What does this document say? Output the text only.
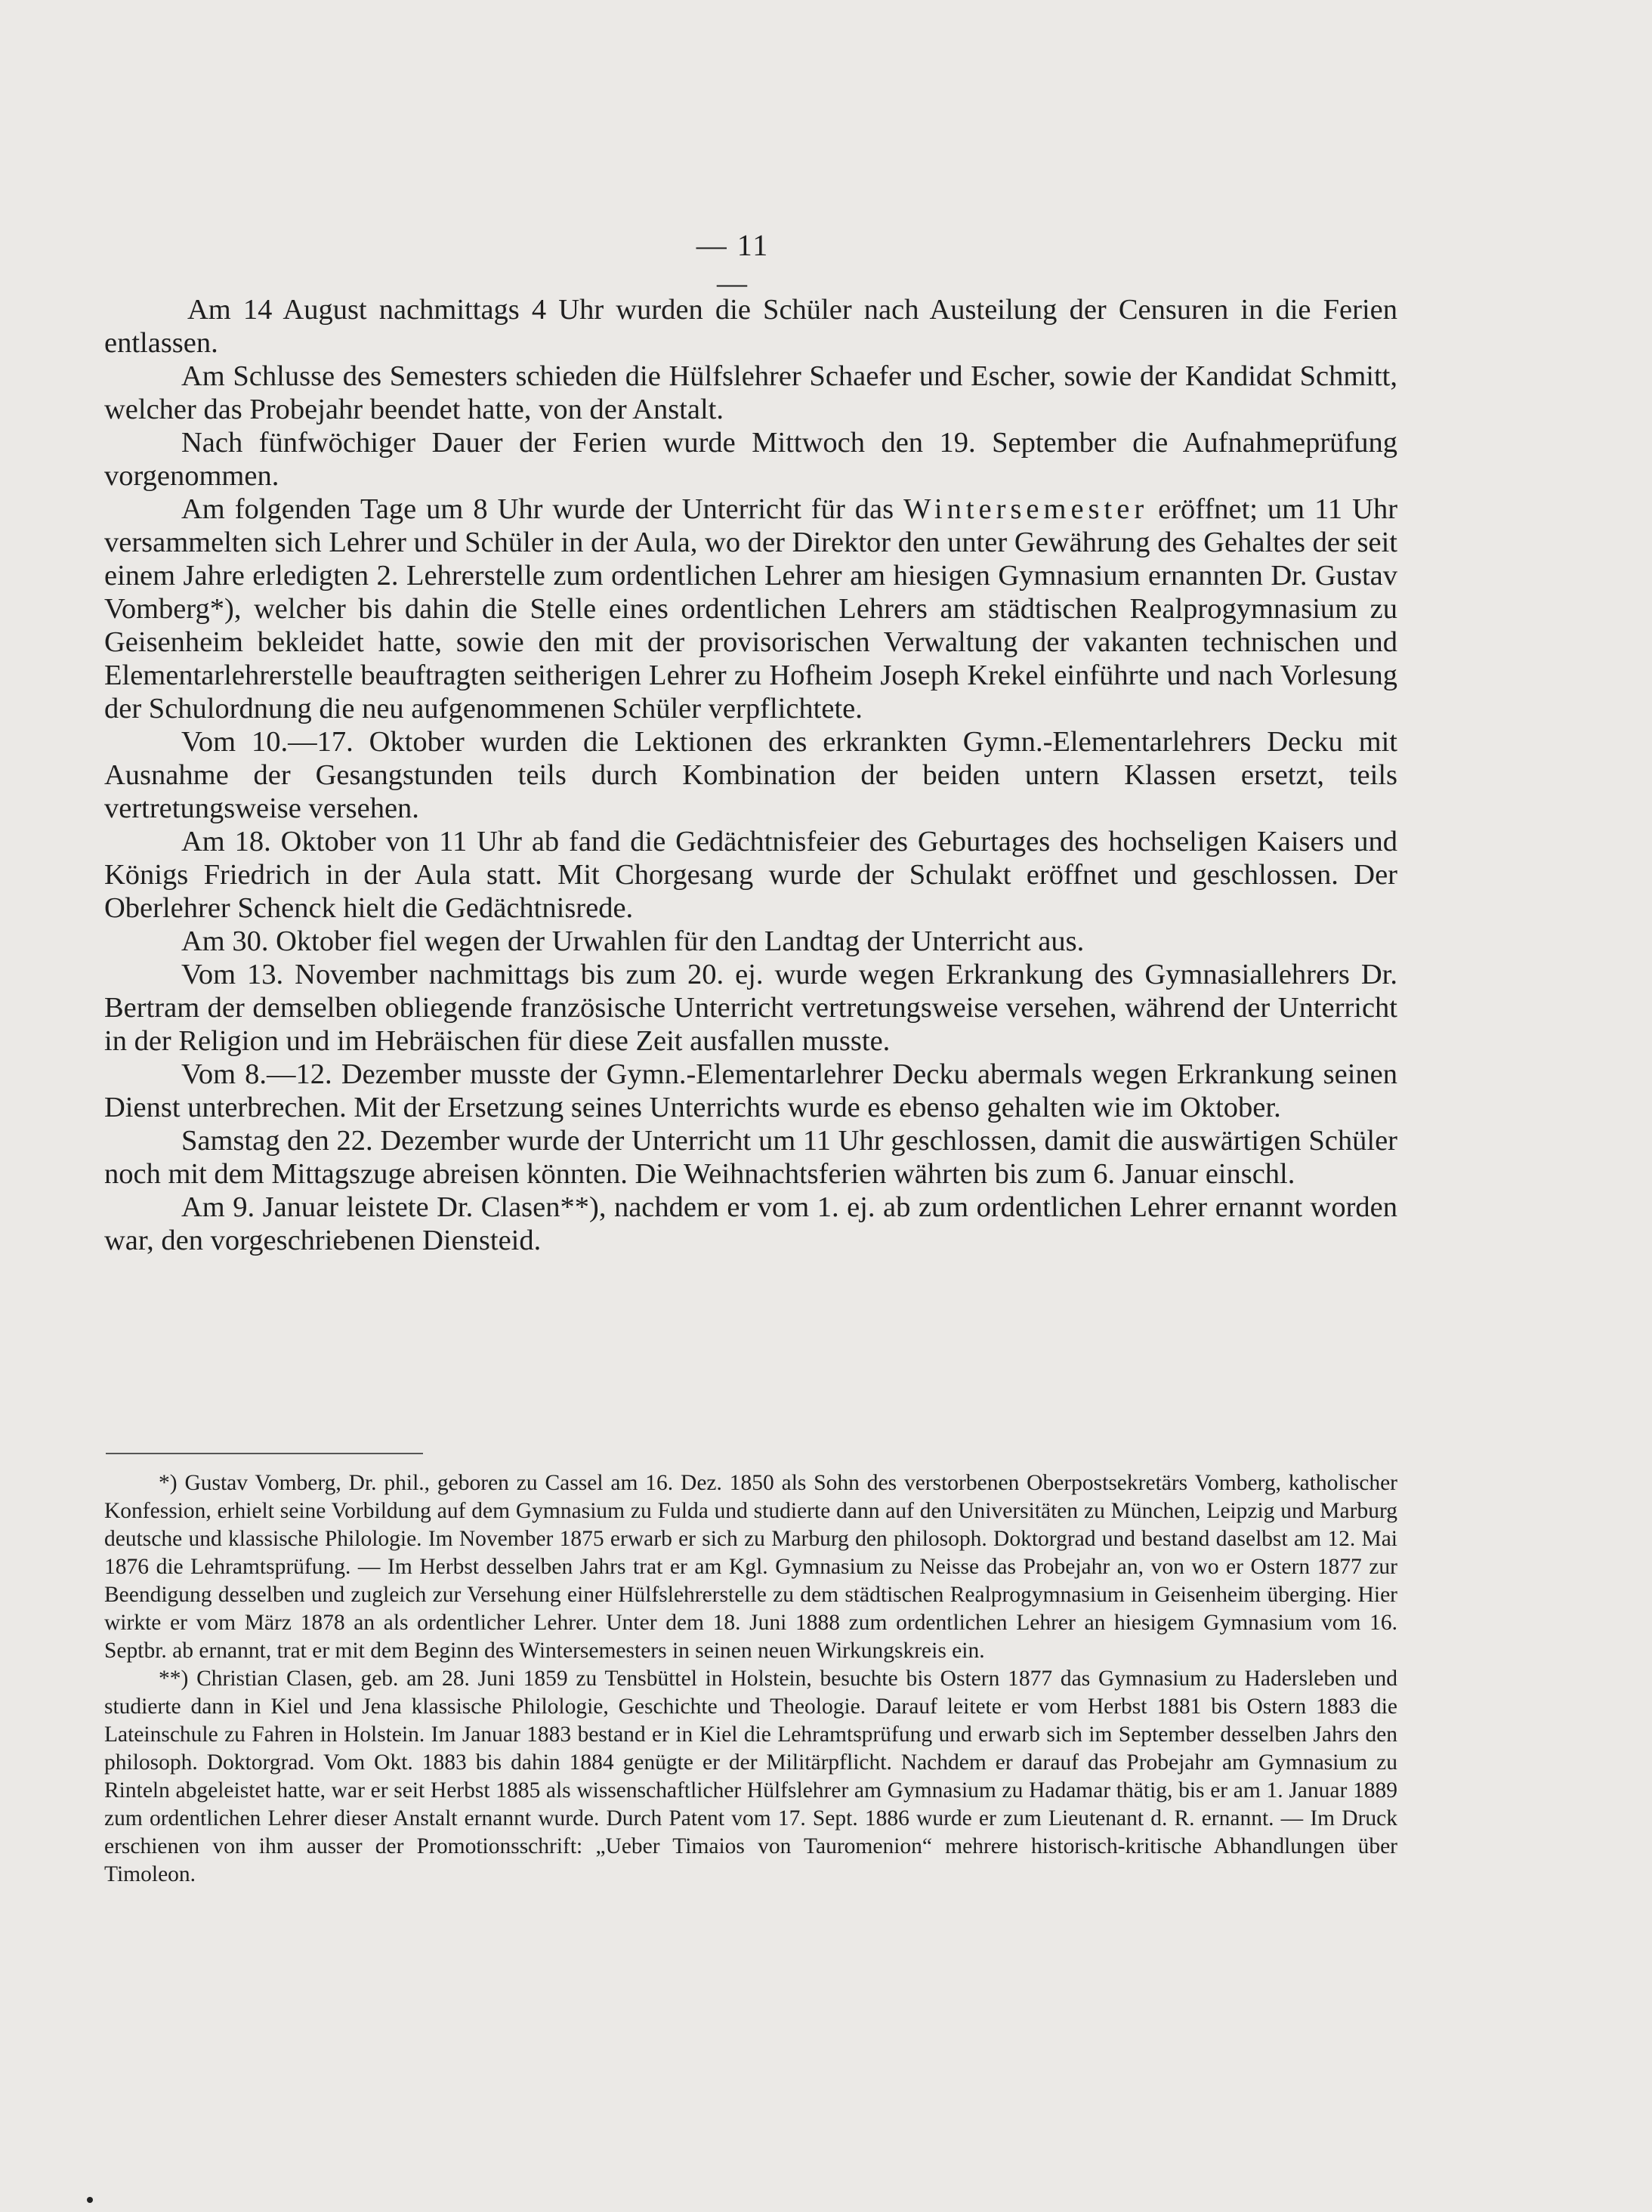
— 11 —

Am 14 August nachmittags 4 Uhr wurden die Schüler nach Austeilung der Censuren in die Ferien entlassen.

Am Schlusse des Semesters schieden die Hülfslehrer Schaefer und Escher, sowie der Kandidat Schmitt, welcher das Probejahr beendet hatte, von der Anstalt.

Nach fünfwöchiger Dauer der Ferien wurde Mittwoch den 19. September die Aufnahmeprüfung vorgenommen.

Am folgenden Tage um 8 Uhr wurde der Unterricht für das Wintersemester eröffnet; um 11 Uhr versammelten sich Lehrer und Schüler in der Aula, wo der Direktor den unter Gewährung des Gehaltes der seit einem Jahre erledigten 2. Lehrerstelle zum ordentlichen Lehrer am hiesigen Gymnasium ernannten Dr. Gustav Vomberg*), welcher bis dahin die Stelle eines ordentlichen Lehrers am städtischen Realprogymnasium zu Geisenheim bekleidet hatte, sowie den mit der provisorischen Verwaltung der vakanten technischen und Elementarlehrerstelle beauftragten seitherigen Lehrer zu Hofheim Joseph Krekel einführte und nach Vorlesung der Schulordnung die neu aufgenommenen Schüler verpflichtete.

Vom 10.—17. Oktober wurden die Lektionen des erkrankten Gymn.-Elementarlehrers Decku mit Ausnahme der Gesangstunden teils durch Kombination der beiden untern Klassen ersetzt, teils vertretungsweise versehen.

Am 18. Oktober von 11 Uhr ab fand die Gedächtnisfeier des Geburtages des hochseligen Kaisers und Königs Friedrich in der Aula statt. Mit Chorgesang wurde der Schulakt eröffnet und geschlossen. Der Oberlehrer Schenck hielt die Gedächtnisrede.

Am 30. Oktober fiel wegen der Urwahlen für den Landtag der Unterricht aus.

Vom 13. November nachmittags bis zum 20. ej. wurde wegen Erkrankung des Gymnasiallehrers Dr. Bertram der demselben obliegende französische Unterricht vertretungsweise versehen, während der Unterricht in der Religion und im Hebräischen für diese Zeit ausfallen musste.

Vom 8.—12. Dezember musste der Gymn.-Elementarlehrer Decku abermals wegen Erkrankung seinen Dienst unterbrechen. Mit der Ersetzung seines Unterrichts wurde es ebenso gehalten wie im Oktober.

Samstag den 22. Dezember wurde der Unterricht um 11 Uhr geschlossen, damit die auswärtigen Schüler noch mit dem Mittagszuge abreisen könnten. Die Weihnachtsferien währten bis zum 6. Januar einschl.

Am 9. Januar leistete Dr. Clasen**), nachdem er vom 1. ej. ab zum ordentlichen Lehrer ernannt worden war, den vorgeschriebenen Diensteid.

*) Gustav Vomberg, Dr. phil., geboren zu Cassel am 16. Dez. 1850 als Sohn des verstorbenen Oberpostsekretärs Vomberg, katholischer Konfession, erhielt seine Vorbildung auf dem Gymnasium zu Fulda und studierte dann auf den Universitäten zu München, Leipzig und Marburg deutsche und klassische Philologie. Im November 1875 erwarb er sich zu Marburg den philosoph. Doktorgrad und bestand daselbst am 12. Mai 1876 die Lehramtsprüfung. — Im Herbst desselben Jahrs trat er am Kgl. Gymnasium zu Neisse das Probejahr an, von wo er Ostern 1877 zur Beendigung desselben und zugleich zur Versehung einer Hülfslehrerstelle zu dem städtischen Realprogymnasium in Geisenheim überging. Hier wirkte er vom März 1878 an als ordentlicher Lehrer. Unter dem 18. Juni 1888 zum ordentlichen Lehrer an hiesigem Gymnasium vom 16. Septbr. ab ernannt, trat er mit dem Beginn des Wintersemesters in seinen neuen Wirkungskreis ein.

**) Christian Clasen, geb. am 28. Juni 1859 zu Tensbüttel in Holstein, besuchte bis Ostern 1877 das Gymnasium zu Hadersleben und studierte dann in Kiel und Jena klassische Philologie, Geschichte und Theologie. Darauf leitete er vom Herbst 1881 bis Ostern 1883 die Lateinschule zu Fahren in Holstein. Im Januar 1883 bestand er in Kiel die Lehramtsprüfung und erwarb sich im September desselben Jahrs den philosoph. Doktorgrad. Vom Okt. 1883 bis dahin 1884 genügte er der Militärpflicht. Nachdem er darauf das Probejahr am Gymnasium zu Rinteln abgeleistet hatte, war er seit Herbst 1885 als wissenschaftlicher Hülfslehrer am Gymnasium zu Hadamar thätig, bis er am 1. Januar 1889 zum ordentlichen Lehrer dieser Anstalt ernannt wurde. Durch Patent vom 17. Sept. 1886 wurde er zum Lieutenant d. R. ernannt. — Im Druck erschienen von ihm ausser der Promotionsschrift: „Ueber Timaios von Tauromenion“ mehrere historisch-kritische Abhandlungen über Timoleon.
